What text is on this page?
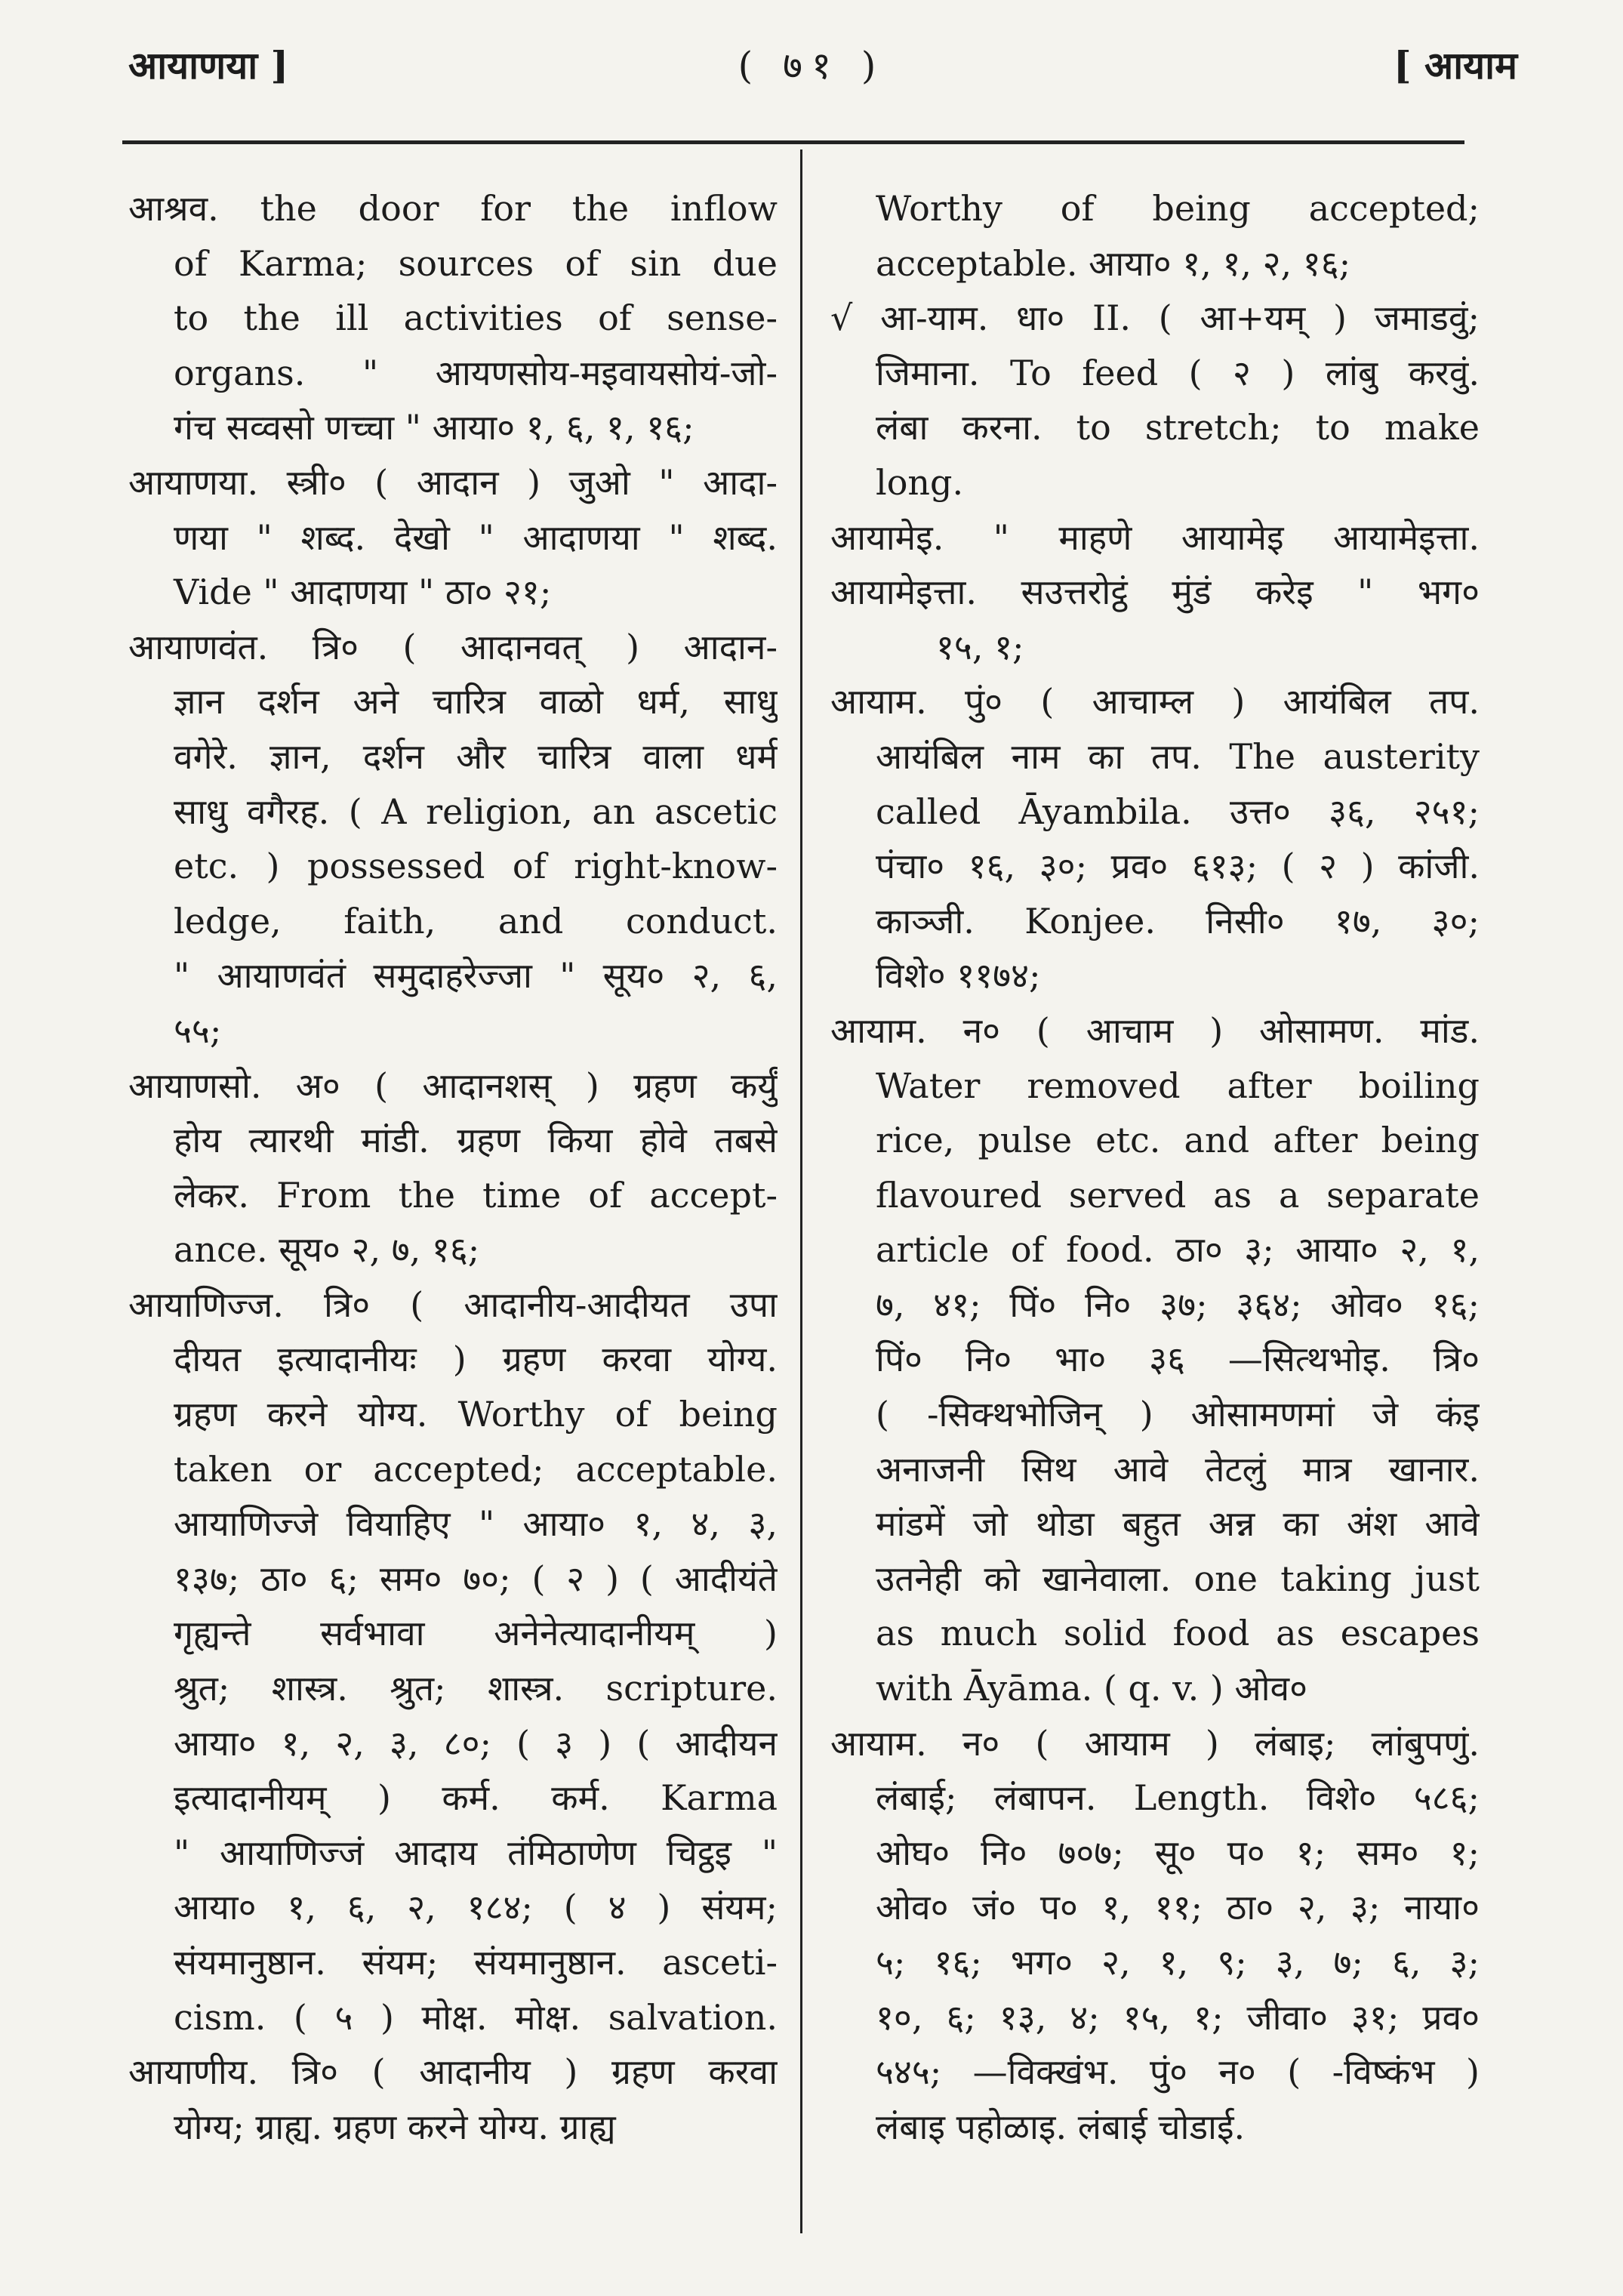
( ७१ )
आयाणया ]	[ आयाम
आश्रव. the door for the inflow
of Karma; sources of sin due
to the ill activities of sense-
organs. " आयणसोय-मइवायसोयं-जो-
गंच सव्वसो णच्चा " आया० १, ६, १, १६;
आयाणया. स्त्री० ( आदान ) जुओ " आदा-
णया " शब्द. देखो " आदाणया " शब्द.
Vide " आदाणया " ठा० २१;
आयाणवंत. त्रि० ( आदानवत् ) आदान-
ज्ञान दर्शन अने चारित्र वाळो धर्म, साधु
वगेरे. ज्ञान, दर्शन और चारित्र वाला धर्म
साधु वगैरह. ( A religion, an ascetic
etc. ) possessed of right-know-
ledge, faith, and conduct.
" आयाणवंतं समुदाहरेज्जा " सूय० २, ६,
५५;
आयाणसो. अ० ( आदानशस् ) ग्रहण कर्युं
होय त्यारथी मांडी. ग्रहण किया होवे तबसे
लेकर. From the time of accept-
ance. सूय० २, ७, १६;
आयाणिज्ज. त्रि० ( आदानीय-आदीयत उपा
दीयत इत्यादानीयः ) ग्रहण करवा योग्य.
ग्रहण करने योग्य. Worthy of being
taken or accepted; acceptable.
आयाणिज्जे वियाहिए " आया० १, ४, ३,
१३७; ठा० ६; सम० ७०; ( २ ) ( आदीयंते
गृह्यन्ते सर्वभावा अनेनेत्यादानीयम् )
श्रुत; शास्त्र. श्रुत; शास्त्र. scripture.
आया० १, २, ३, ८०; ( ३ ) ( आदीयन
इत्यादानीयम् ) कर्म. कर्म. Karma
" आयाणिज्जं आदाय तंमिठाणेण चिट्ठइ "
आया० १, ६, २, १८४; ( ४ ) संयम;
संयमानुष्ठान. संयम; संयमानुष्ठान. asceti-
cism. ( ५ ) मोक्ष. मोक्ष. salvation.
आयाणीय. त्रि० ( आदानीय ) ग्रहण करवा
योग्य; ग्राह्य. ग्रहण करने योग्य. ग्राह्य
Worthy of being accepted;
acceptable. आया० १, १, २, १६;
√ आ-याम. धा० II. ( आ+यम् ) जमाडवुं;
जिमाना. To feed ( २ ) लांबु करवुं.
लंबा करना. to stretch; to make
long.
आयामेइ. " माहणे आयामेइ आयामेइत्ता.
आयामेइत्ता. सउत्तरोट्ठं मुंडं करेइ " भग०
१५, १;
आयाम. पुं० ( आचाम्ल ) आयंबिल तप.
आयंबिल नाम का तप. The austerity
called Āyambila. उत्त० ३६, २५१;
पंचा० १६, ३०; प्रव० ६१३; ( २ ) कांजी.
काञ्जी. Konjee. निसी० १७, ३०;
विशे० ११७४;
आयाम. न० ( आचाम ) ओसामण. मांड.
Water removed after boiling
rice, pulse etc. and after being
flavoured served as a separate
article of food. ठा० ३; आया० २, १,
७, ४१; पिं० नि० ३७; ३६४; ओव० १६;
पिं० नि० भा० ३६ —सित्थभोइ. त्रि०
( -सिक्थभोजिन् ) ओसामणमां जे कंइ
अनाजनी सिथ आवे तेटलुं मात्र खानार.
मांडमें जो थोडा बहुत अन्न का अंश आवे
उतनेही को खानेवाला. one taking just
as much solid food as escapes
with Āyāma. ( q. v. ) ओव०
आयाम. न० ( आयाम ) लंबाइ; लांबुपणुं.
लंबाई; लंबापन. Length. विशे० ५८६;
ओघ० नि० ७०७; सू० प० १; सम० १;
ओव० जं० प० १, ११; ठा० २, ३; नाया०
५; १६; भग० २, १, ९; ३, ७; ६, ३;
१०, ६; १३, ४; १५, १; जीवा० ३१; प्रव०
५४५; —विक्खंभ. पुं० न० ( -विष्कंभ )
लंबाइ पहोळाइ. लंबाई चोडाई.
